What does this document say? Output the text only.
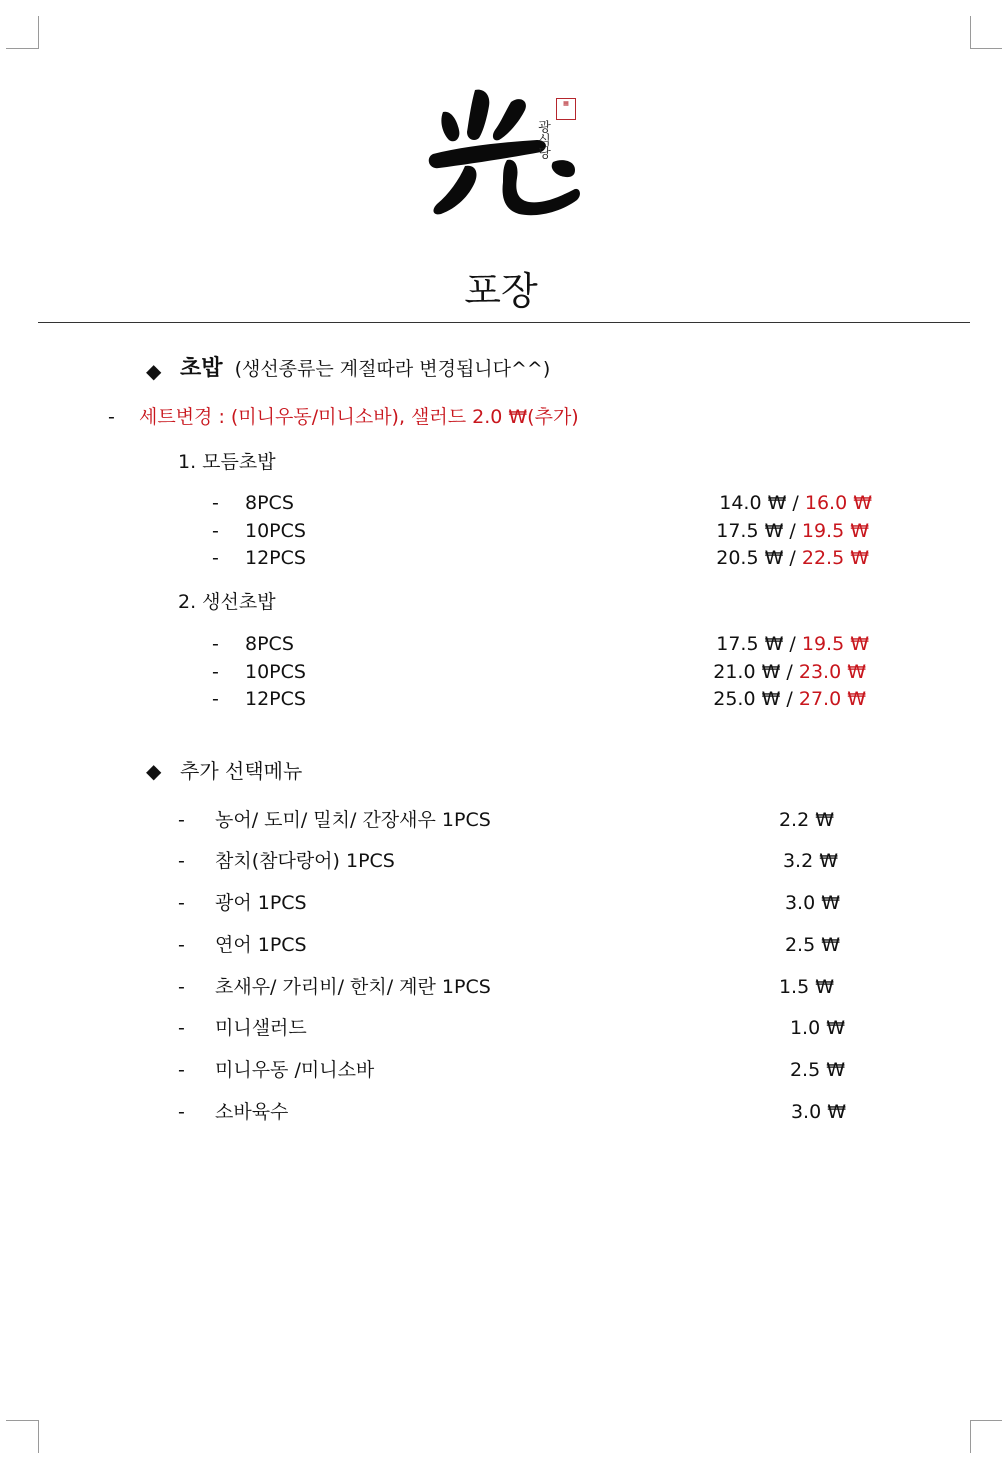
▦
광식당
포장
◆ 초밥 (생선종류는 계절따라 변경됩니다^^)
- 세트변경 : (미니우동/미니소바), 샐러드 2.0 ₩(추가)
1. 모듬초밥
- 8PCS	14.0 ₩ / 16.0 ₩
- 10PCS	17.5 ₩ / 19.5 ₩
- 12PCS	20.5 ₩ / 22.5 ₩
2. 생선초밥
- 8PCS	17.5 ₩ / 19.5 ₩
- 10PCS	21.0 ₩ / 23.0 ₩
- 12PCS	25.0 ₩ / 27.0 ₩
◆ 추가 선택메뉴
- 농어/ 도미/ 밀치/ 간장새우 1PCS	2.2 ₩
- 참치(참다랑어) 1PCS	3.2 ₩
- 광어 1PCS	3.0 ₩
- 연어 1PCS	2.5 ₩
- 초새우/ 가리비/ 한치/ 계란 1PCS	1.5 ₩
- 미니샐러드	1.0 ₩
- 미니우동 /미니소바	2.5 ₩
- 소바육수	3.0 ₩
